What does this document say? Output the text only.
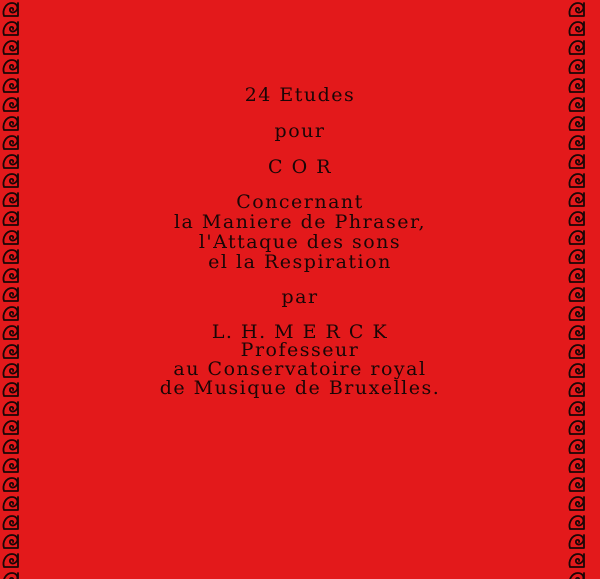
24 Etudes
pour
C O R
Concernant
la Maniere de Phraser,
l'Attaque des sons
el la Respiration
par
L. H. M E R C K
Professeur
au Conservatoire royal
de Musique de Bruxelles.
